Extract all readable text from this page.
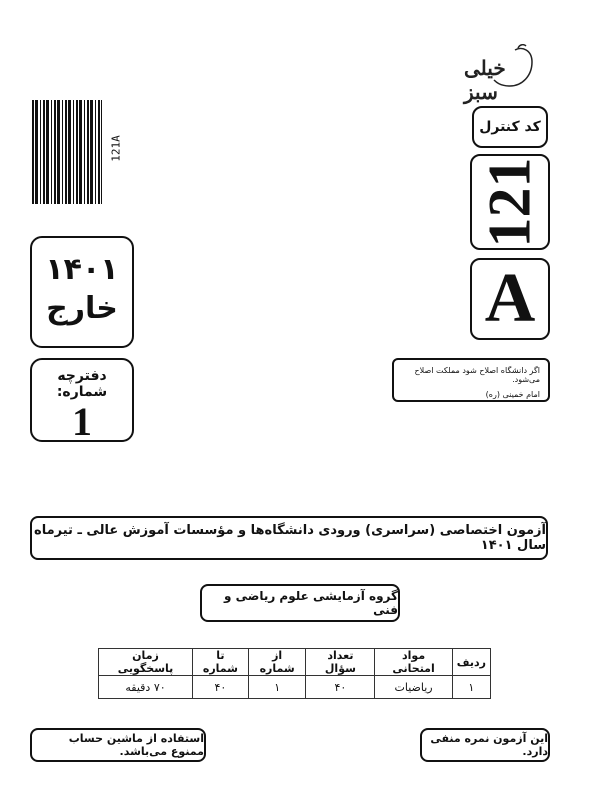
121A
خیلی سبز
کد کنترل
121
A
۱۴۰۱
خارج
دفترچه شماره:
1
اگر دانشگاه اصلاح شود مملکت اصلاح می‌شود.
امام خمینی (ره)
آزمون اختصاصی (سراسری) ورودی دانشگاه‌ها و مؤسسات آموزش عالی ـ تیرماه سال ۱۴۰۱
گروه آزمایشی علوم ریاضی و فنی
ردیف	مواد امتحانی	تعداد سؤال	از شماره	تا شماره	زمان پاسخگویی
۱	ریاضیات	۴۰	۱	۴۰	۷۰ دقیقه
استفاده از ماشین حساب ممنوع می‌باشد.
این آزمون نمره منفی دارد.
